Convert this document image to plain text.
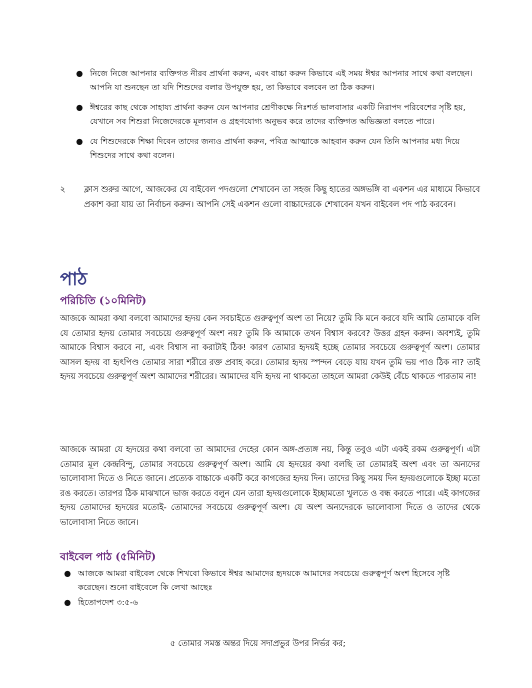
● নিজে নিজে আপনার ব্যক্তিগত নীরব প্রার্থনা করুন, এবং বাচ্চা করুন কিভাবে এই সময় ঈশ্বর আপনার সাথে কথা বলছেন। আপনি যা শুনছেন তা যদি শিশুদের বলার উপযুক্ত হয়, তা কিভাবে বলবেন তা ঠিক করুন।
● ঈশ্বরের কাছ থেকে সাহায্য প্রার্থনা করুন যেন আপনার শ্রেণীকক্ষে নিঃশর্ত ভালবাসার একটি নিরাপদ পরিবেশের সৃষ্টি হয়, যেখানে সব শিশুরা নিজেদেরকে মূল্যবান ও গ্রহণযোগ্য অনুভব করে তাদের ব্যক্তিগত অভিজ্ঞতা বলতে পারে।
● যে শিশুদেরকে শিক্ষা দিবেন তাদের জন্যও প্রার্থনা করুন, পবিত্র আত্মাকে আহবান করুন যেন তিনি আপনার মধ্য দিয়ে শিশুদের সাথে কথা বলেন।
২ ক্লাস শুরুর আগে, আজকের যে বাইবেল পদগুলো শেখাবেন তা সহজ কিছু হাতের অঙ্গভঙ্গি বা একশন এর মাধ্যমে কিভাবে প্রকাশ করা যায় তা নির্বাচন করুন। আপনি সেই একশন গুলো বাচ্চাদেরকে শেখাবেন যখন বাইবেল পদ পাঠ করবেন।

পাঠ
পরিচিতি (১০মিনিট)

আজকে আমরা কথা বলবো আমাদের হৃদয় কেন সবচাইতে গুরুত্বপূর্ণ অংশ তা নিয়ে? তুমি কি মনে করবে যদি আমি তোমাকে বলি যে তোমার হৃদয় তোমার সবচেয়ে গুরুত্বপূর্ণ অংশ নয়? তুমি কি আমাকে তখন বিশ্বাস করবে? উত্তর গ্রহন করুন। অবশ্যই, তুমি আমাকে বিশ্বাস করবে না, এবং বিশ্বাস না করাটাই ঠিক! কারণ তোমার হৃদয়ই হচ্ছে তোমার সবচেয়ে গুরুত্বপূর্ণ অংশ। তোমার আসল হৃদয় বা হৃৎপিণ্ড তোমার সারা শরীরে রক্ত প্রবাহ করে। তোমার হৃদয় স্পন্দন বেড়ে যায় যখন তুমি ভয় পাও ঠিক না? তাই হৃদয় সবচেয়ে গুরুত্বপূর্ণ অংশ আমাদের শরীরের। আমাদের যদি হৃদয় না থাকতো তাহলে আমরা কেউই বেঁচে থাকতে পারতাম না!

আজকে আমরা যে হৃদয়ের কথা বলবো তা আমাদের দেহের কোন অঙ্গ-প্রত্যঙ্গ নয়, কিন্তু তবুও এটা একই রকম গুরুত্বপূর্ণ। এটা তোমার মূল কেন্দ্রবিন্দু, তোমার সবচেয়ে গুরুত্বপূর্ণ অংশ। আমি যে হৃদয়ের কথা বলছি তা তোমারই অংশ এবং তা অন্যদের ভালোবাসা দিতে ও নিতে জানে। প্রত্যেক বাচ্চাকে একটি করে কাগজের হৃদয় দিন। তাদের কিছু সময় দিন হৃদয়গুলোকে ইচ্ছা মতো রঙ করতে। তারপর ঠিক মাঝখানে ভাজ করতে বলুন যেন তারা হৃদয়গুলোকে ইচ্ছামতো খুলতে ও বন্ধ করতে পারে। এই কাগজের হৃদয় তোমাদের হৃদয়ের মতোই- তোমাদের সবচেয়ে গুরুত্বপূর্ণ অংশ। যে অংশ অন্যদেরকে ভালোবাসা দিতে ও তাদের থেকে ভালোবাসা নিতে জানে।

বাইবেল পাঠ (৫মিনিট)
● আজকে আমরা বাইবেল থেকে শিখবো কিভাবে ঈশ্বর আমাদের হৃদয়কে আমাদের সবচেয়ে গুরুত্বপূর্ণ অংশ হিসেবে সৃষ্টি করেছেন। শুনো বাইবেলে কি লেখা আছেঃ
● হিতোপদেশ ৩:৫-৬
৫ তোমার সমস্ত অন্তর দিয়ে সদাপ্রভুর উপর নির্ভর কর;
